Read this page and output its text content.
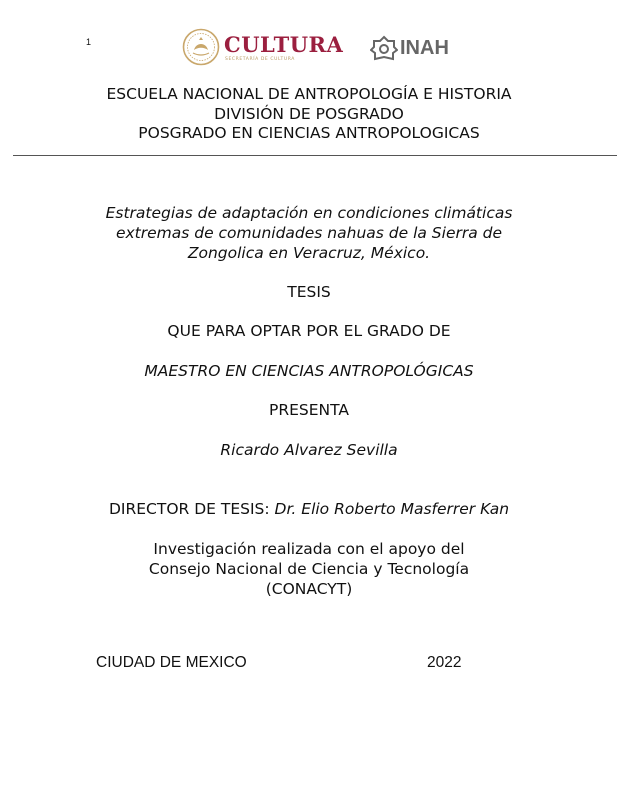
1	CULTURA
SECRETARÍA DE CULTURA
INAH
ESCUELA NACIONAL DE ANTROPOLOGÍA E HISTORIA
DIVISIÓN DE POSGRADO
POSGRADO EN CIENCIAS ANTROPOLOGICAS
Estrategias de adaptación en condiciones climáticas
extremas de comunidades nahuas de la Sierra de
Zongolica en Veracruz, México.
TESIS
QUE PARA OPTAR POR EL GRADO DE
MAESTRO EN CIENCIAS ANTROPOLÓGICAS
PRESENTA
Ricardo Alvarez Sevilla
DIRECTOR DE TESIS: Dr. Elio Roberto Masferrer Kan
Investigación realizada con el apoyo del
Consejo Nacional de Ciencia y Tecnología
(CONACYT)
CIUDAD DE MEXICO	2022
